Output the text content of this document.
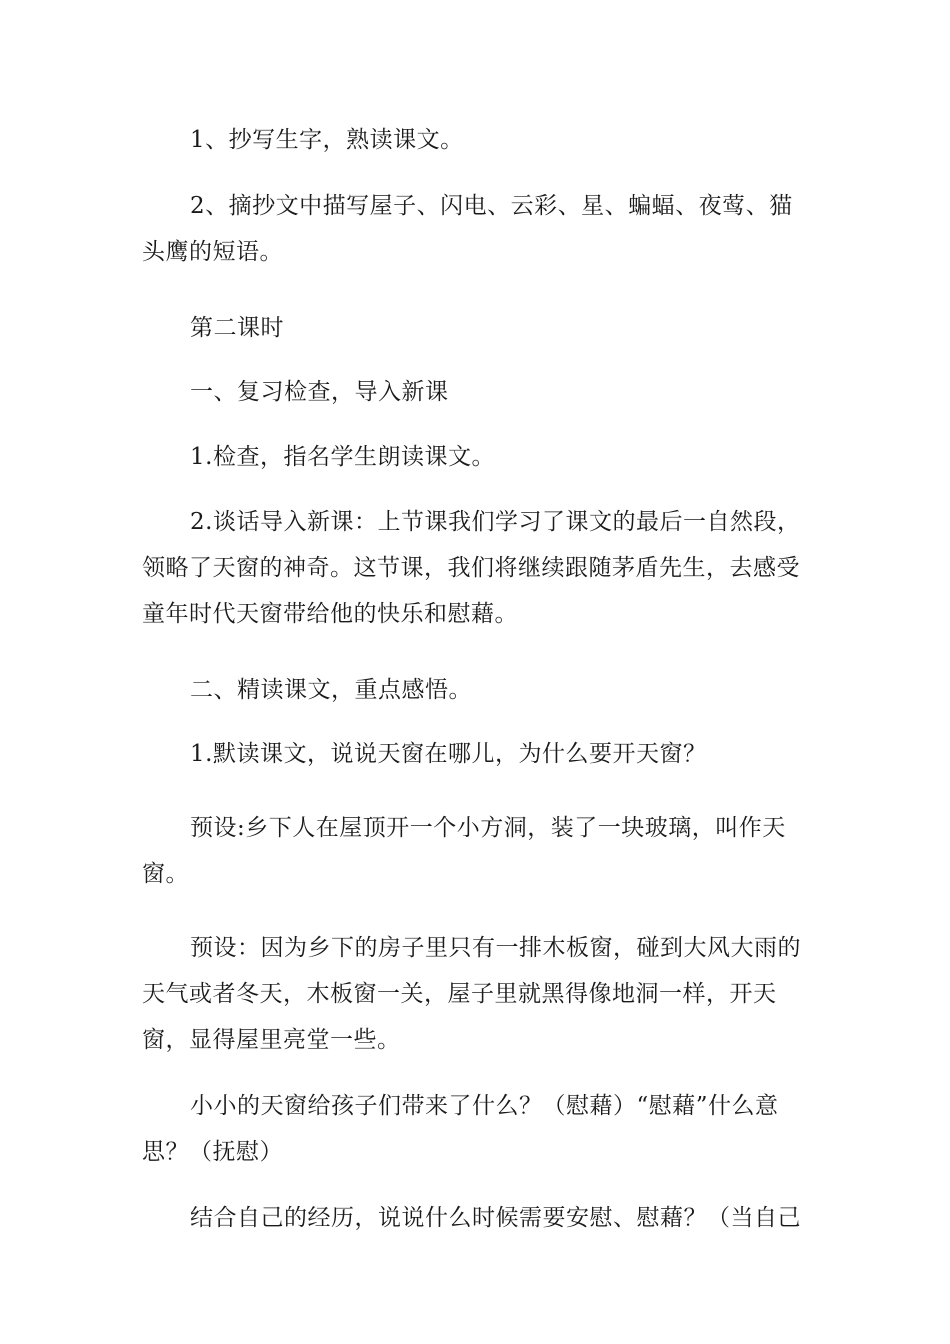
1、抄写生字，熟读课文。

2、摘抄文中描写屋子、闪电、云彩、星、蝙蝠、夜莺、猫头鹰的短语。

第二课时

一、复习检查，导入新课

1.检查，指名学生朗读课文。

2.谈话导入新课：上节课我们学习了课文的最后一自然段，领略了天窗的神奇。这节课，我们将继续跟随茅盾先生，去感受童年时代天窗带给他的快乐和慰藉。

二、精读课文，重点感悟。

1.默读课文，说说天窗在哪儿，为什么要开天窗？

预设:乡下人在屋顶开一个小方洞，装了一块玻璃，叫作天窗。

预设：因为乡下的房子里只有一排木板窗，碰到大风大雨的天气或者冬天，木板窗一关，屋子里就黑得像地洞一样，开天窗，显得屋里亮堂一些。

小小的天窗给孩子们带来了什么？（慰藉）“慰藉”什么意思？（抚慰）

结合自己的经历，说说什么时候需要安慰、慰藉？（当自己
